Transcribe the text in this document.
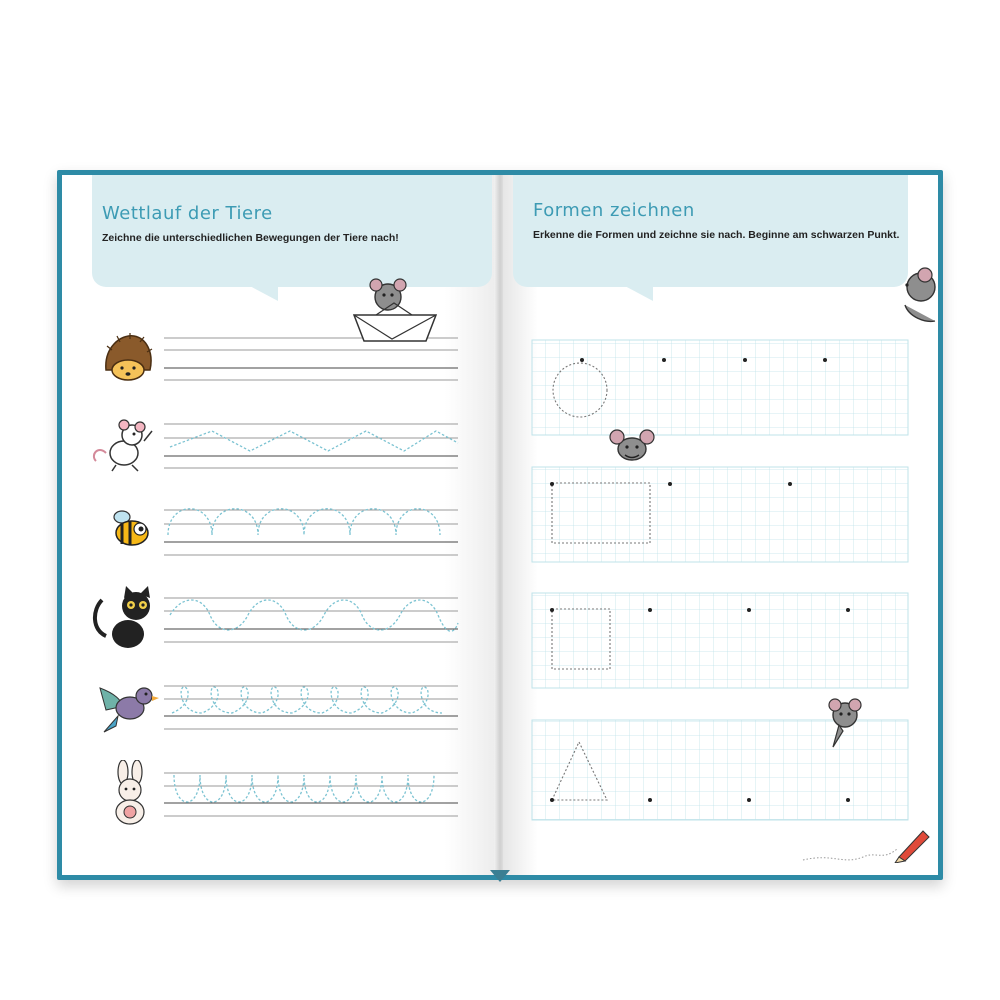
Wettlauf der Tiere
Zeichne die unterschiedlichen Bewegungen der Tiere nach!
Formen zeichnen
Erkenne die Formen und zeichne sie nach. Beginne am schwarzen Punkt.
